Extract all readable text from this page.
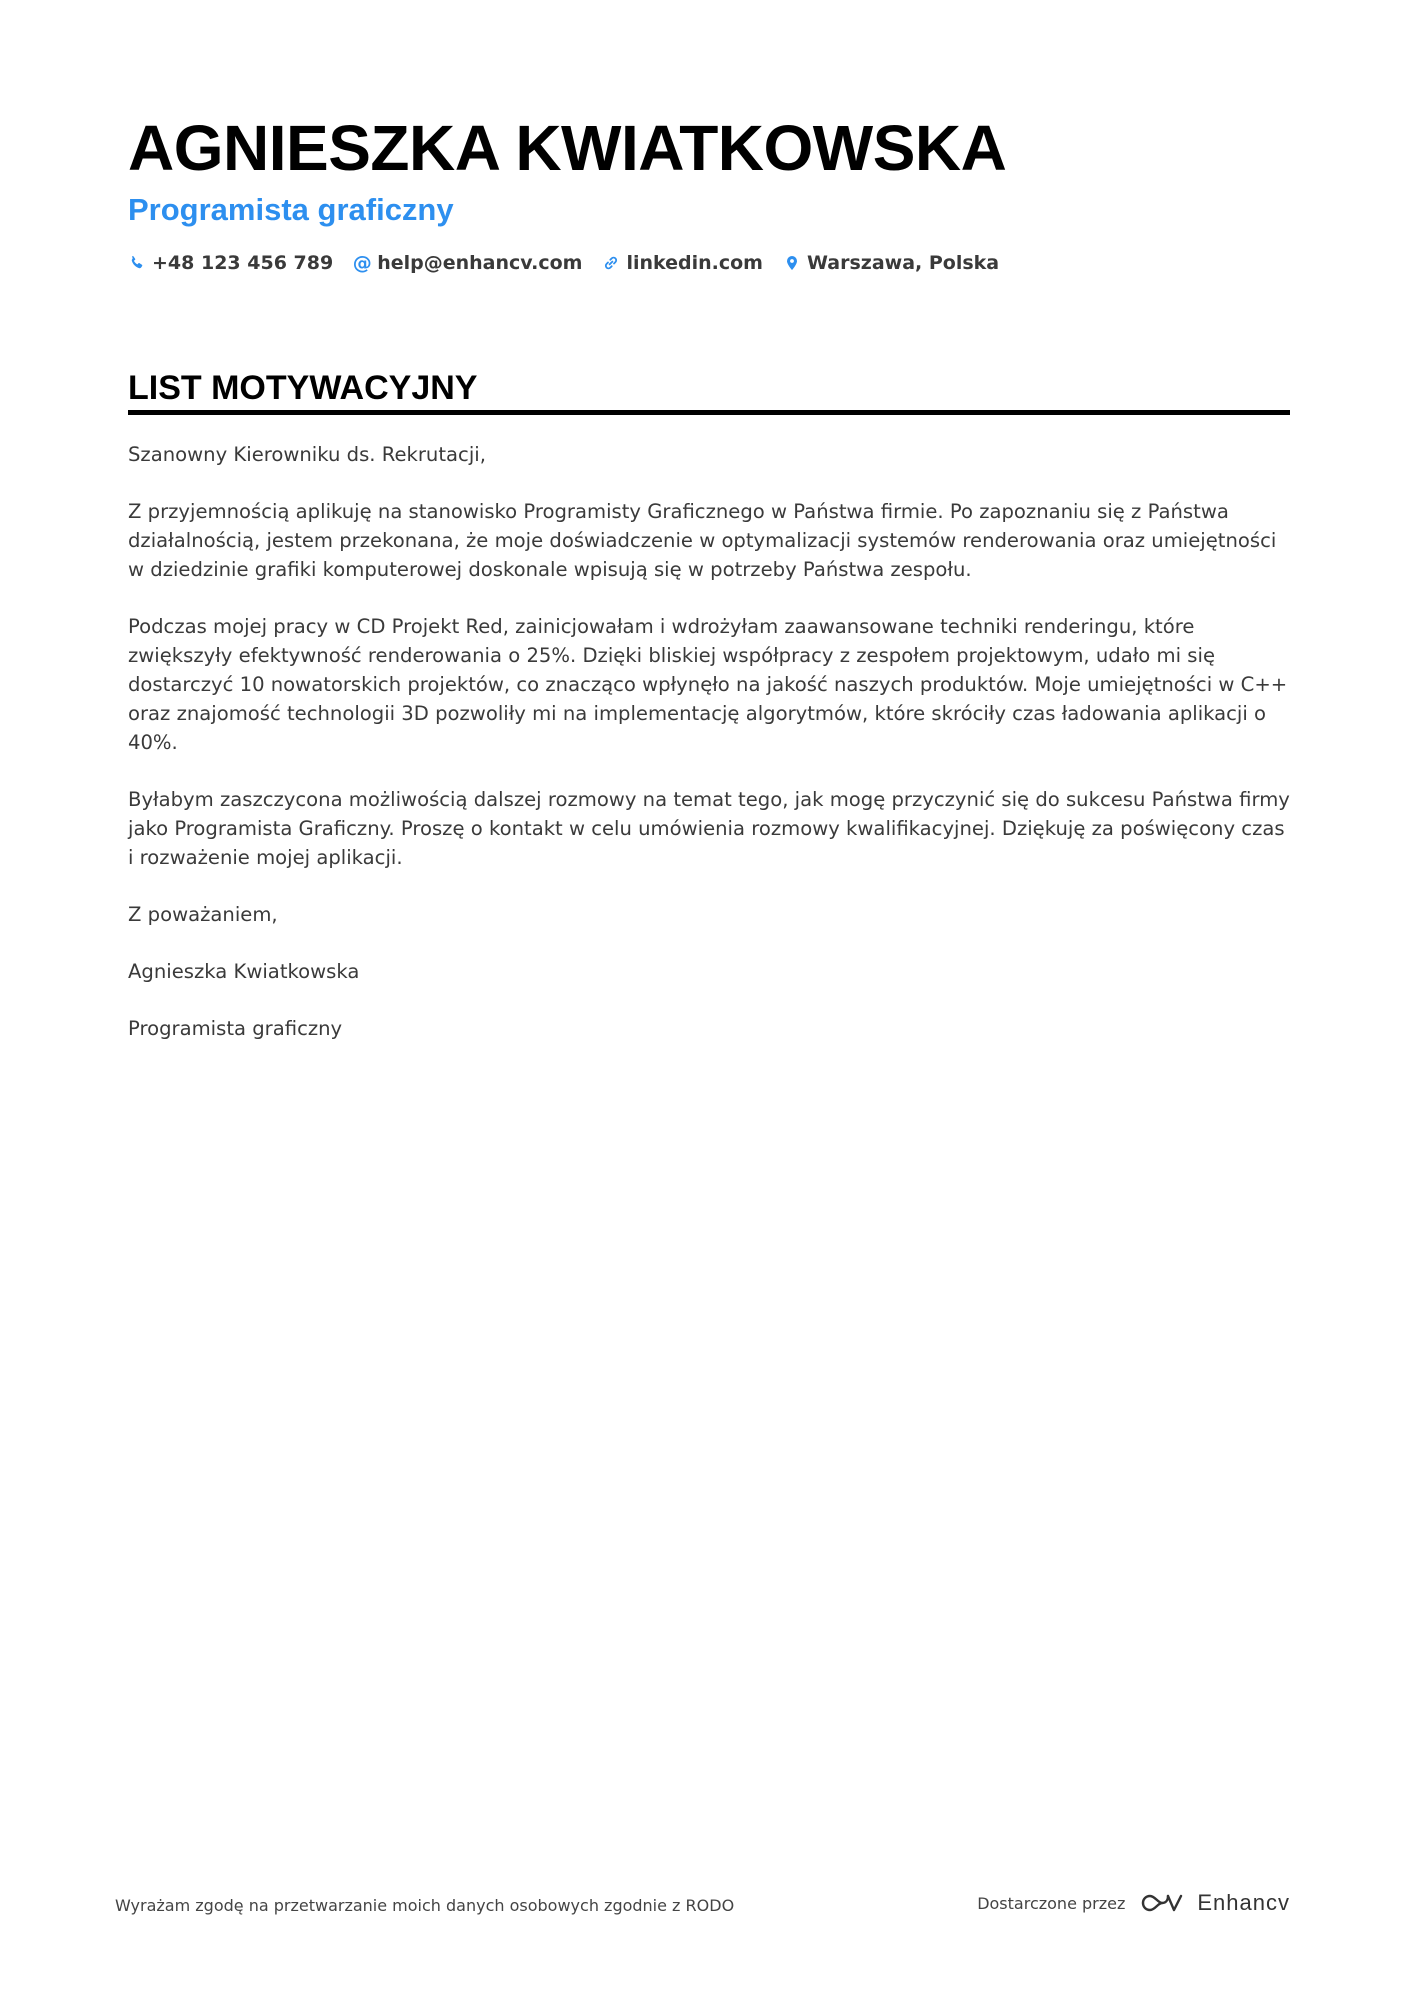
AGNIESZKA KWIATKOWSKA
Programista graficzny
+48 123 456 789 @ help@enhancv.com linkedin.com Warszawa, Polska
LIST MOTYWACYJNY

Szanowny Kierowniku ds. Rekrutacji,

Z przyjemnością aplikuję na stanowisko Programisty Graficznego w Państwa firmie. Po zapoznaniu się z Państwa działalnością, jestem przekonana, że moje doświadczenie w optymalizacji systemów renderowania oraz umiejętności w dziedzinie grafiki komputerowej doskonale wpisują się w potrzeby Państwa zespołu.

Podczas mojej pracy w CD Projekt Red, zainicjowałam i wdrożyłam zaawansowane techniki renderingu, które zwiększyły efektywność renderowania o 25%. Dzięki bliskiej współpracy z zespołem projektowym, udało mi się dostarczyć 10 nowatorskich projektów, co znacząco wpłynęło na jakość naszych produktów. Moje umiejętności w C++ oraz znajomość technologii 3D pozwoliły mi na implementację algorytmów, które skróciły czas ładowania aplikacji o 40%.

Byłabym zaszczycona możliwością dalszej rozmowy na temat tego, jak mogę przyczynić się do sukcesu Państwa firmy jako Programista Graficzny. Proszę o kontakt w celu umówienia rozmowy kwalifikacyjnej. Dziękuję za poświęcony czas i rozważenie mojej aplikacji.

Z poważaniem,

Agnieszka Kwiatkowska

Programista graficzny

Wyrażam zgodę na przetwarzanie moich danych osobowych zgodnie z RODO	Dostarczone przez	Enhancv
